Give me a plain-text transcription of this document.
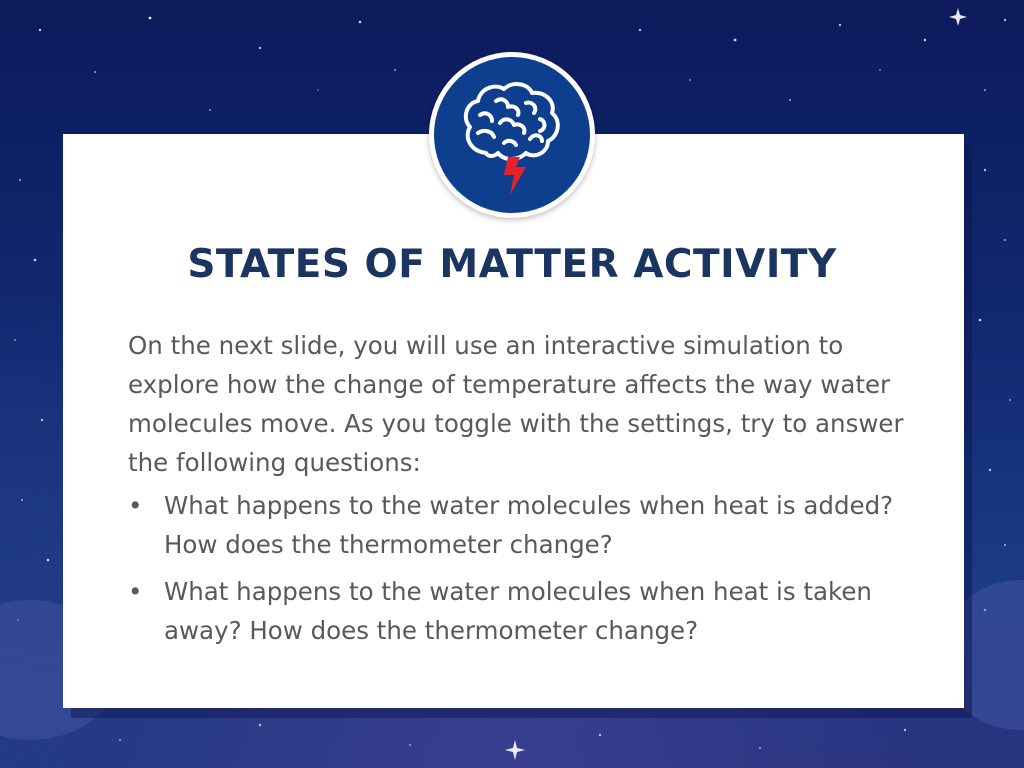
STATES OF MATTER ACTIVITY

On the next slide, you will use an interactive simulation to explore how the change of temperature affects the way water molecules move. As you toggle with the settings, try to answer the following questions:

• What happens to the water molecules when heat is added? How does the thermometer change?
• What happens to the water molecules when heat is taken away? How does the thermometer change?
